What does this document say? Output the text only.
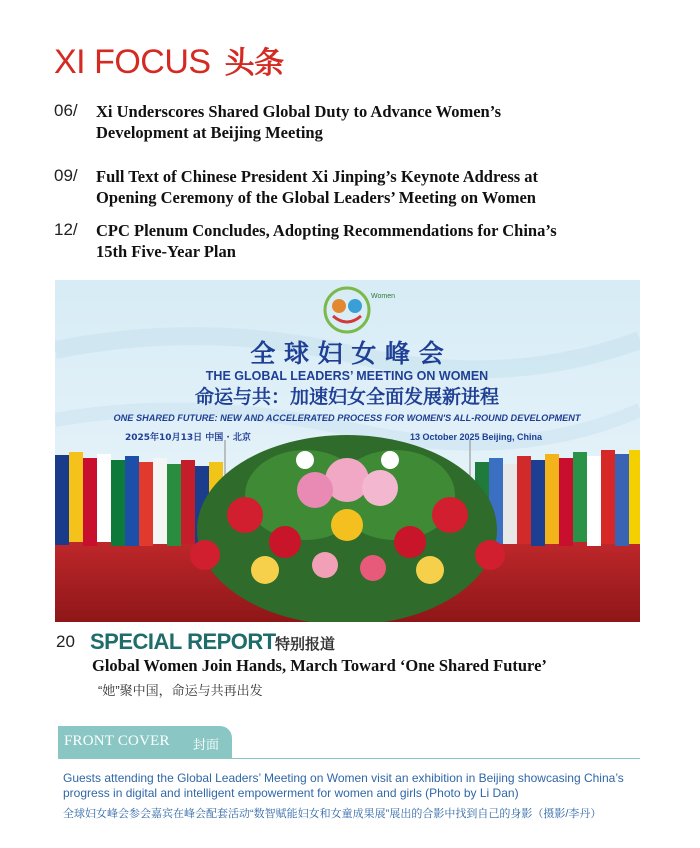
XI FOCUS 头条
06/ Xi Underscores Shared Global Duty to Advance Women’s
Development at Beijing Meeting
09/ Full Text of Chinese President Xi Jinping’s Keynote Address at
Opening Ceremony of the Global Leaders’ Meeting on Women
12/ CPC Plenum Concludes, Adopting Recommendations for China’s
15th Five-Year Plan
Women
全 球 妇 女 峰 会
THE GLOBAL LEADERS’ MEETING ON WOMEN
命运与共：加速妇女全面发展新进程
ONE SHARED FUTURE: NEW AND ACCELERATED PROCESS FOR WOMEN'S ALL-ROUND DEVELOPMENT
2025年10月13日 中国 · 北京	13 October 2025 Beijing, China
20 SPECIAL REPORT 特别报道
Global Women Join Hands, March Toward ‘One Shared Future’
“她”聚中国，命运与共再出发
FRONT COVER 封面
Guests attending the Global Leaders’ Meeting on Women visit an exhibition in Beijing showcasing China’s progress in digital and intelligent empowerment for women and girls (Photo by Li Dan)
全球妇女峰会参会嘉宾在峰会配套活动“数智赋能妇女和女童成果展”展出的合影中找到自己的身影（摄影/李丹）
